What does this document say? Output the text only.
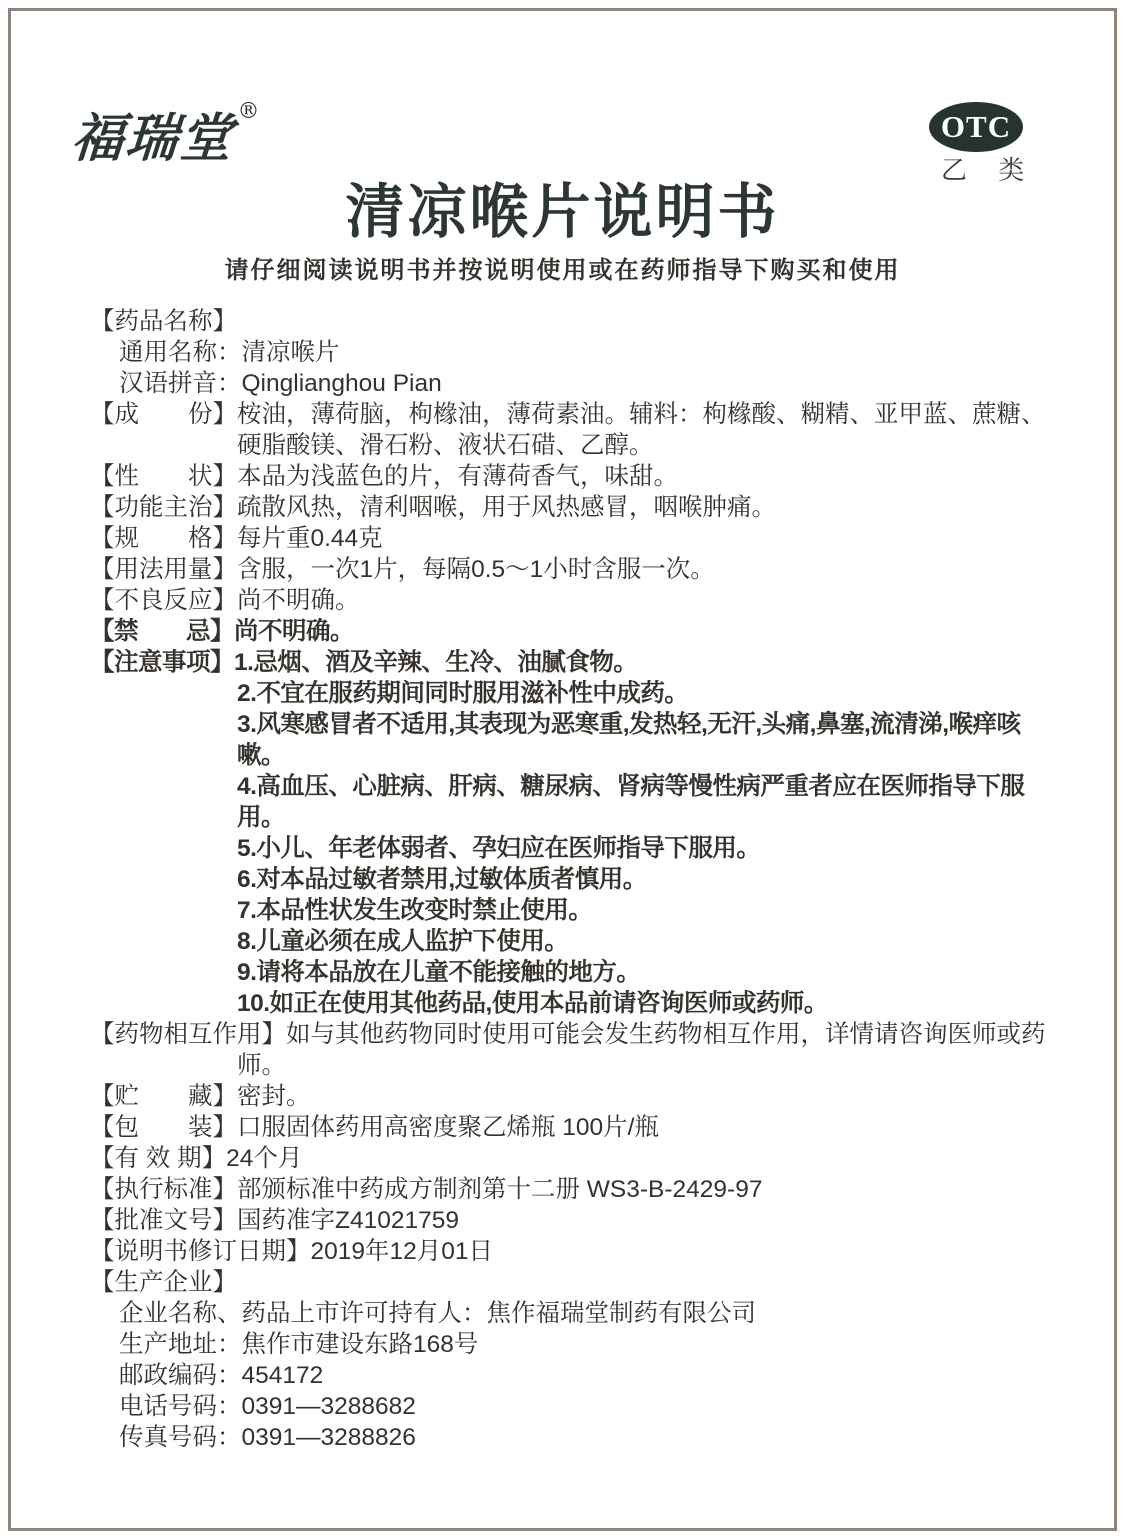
福瑞堂®	OTC
乙 类
清凉喉片说明书
请仔细阅读说明书并按说明使用或在药师指导下购买和使用
【药品名称】
通用名称：清凉喉片
汉语拼音：Qinglianghou Pian
【成　　份】桉油，薄荷脑，枸橼油，薄荷素油。辅料：枸橼酸、糊精、亚甲蓝、蔗糖、硬脂酸镁、滑石粉、液状石碏、乙醇。
【性　　状】本品为浅蓝色的片，有薄荷香气，味甜。
【功能主治】疏散风热，清利咽喉，用于风热感冒，咽喉肿痛。
【规　　格】每片重0.44克
【用法用量】含服，一次1片，每隔0.5～1小时含服一次。
【不良反应】尚不明确。
【禁　　忌】尚不明确。
【注意事项】1.忌烟、酒及辛辣、生冷、油腻食物。
2.不宜在服药期间同时服用滋补性中成药。
3.风寒感冒者不适用,其表现为恶寒重,发热轻,无汗,头痛,鼻塞,流清涕,喉痒咳嗽。
4.高血压、心脏病、肝病、糖尿病、肾病等慢性病严重者应在医师指导下服用。
5.小儿、年老体弱者、孕妇应在医师指导下服用。
6.对本品过敏者禁用,过敏体质者慎用。
7.本品性状发生改变时禁止使用。
8.儿童必须在成人监护下使用。
9.请将本品放在儿童不能接触的地方。
10.如正在使用其他药品,使用本品前请咨询医师或药师。
【药物相互作用】如与其他药物同时使用可能会发生药物相互作用，详情请咨询医师或药师。
【贮　　藏】密封。
【包　　装】口服固体药用高密度聚乙烯瓶 100片/瓶
【有 效 期】24个月
【执行标准】部颁标准中药成方制剂第十二册 WS3-B-2429-97
【批准文号】国药准字Z41021759
【说明书修订日期】2019年12月01日
【生产企业】
企业名称、药品上市许可持有人：焦作福瑞堂制药有限公司
生产地址：焦作市建设东路168号
邮政编码：454172
电话号码：0391—3288682
传真号码：0391—3288826
